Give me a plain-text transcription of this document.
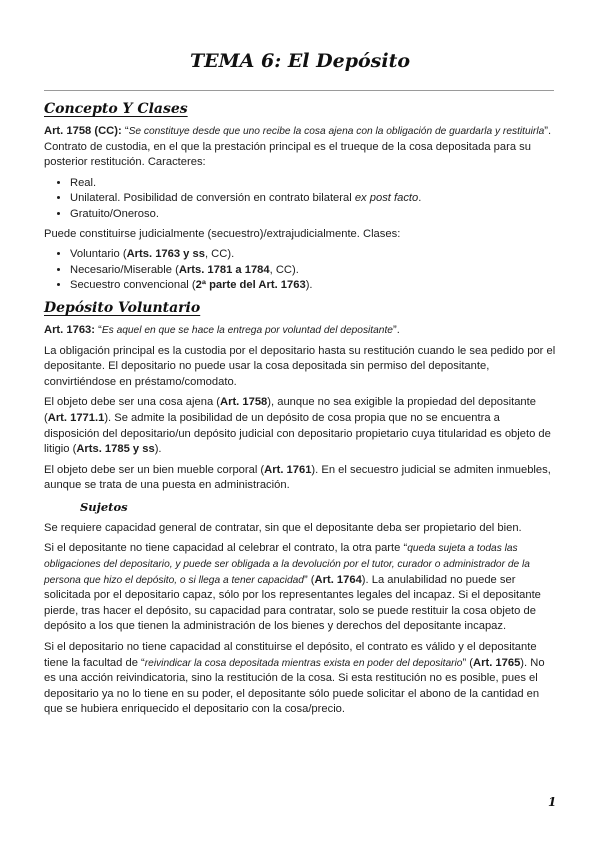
TEMA 6: El Depósito
Concepto Y Clases

Art. 1758 (CC): “Se constituye desde que uno recibe la cosa ajena con la obligación de guardarla y restituirla”. Contrato de custodia, en el que la prestación principal es el trueque de la cosa depositada para su posterior restitución. Caracteres:

• Real.
• Unilateral. Posibilidad de conversión en contrato bilateral ex post facto.
• Gratuito/Oneroso.

Puede constituirse judicialmente (secuestro)/extrajudicialmente. Clases:

• Voluntario (Arts. 1763 y ss, CC).
• Necesario/Miserable (Arts. 1781 a 1784, CC).
• Secuestro convencional (2ª parte del Art. 1763).
Depósito Voluntario

Art. 1763: “Es aquel en que se hace la entrega por voluntad del depositante”.

La obligación principal es la custodia por el depositario hasta su restitución cuando le sea pedido por el depositante. El depositario no puede usar la cosa depositada sin permiso del depositante, convirtiéndose en préstamo/comodato.

El objeto debe ser una cosa ajena (Art. 1758), aunque no sea exigible la propiedad del depositante (Art. 1771.1). Se admite la posibilidad de un depósito de cosa propia que no se encuentra a disposición del depositario/un depósito judicial con depositario propietario cuya titularidad es objeto de litigio (Arts. 1785 y ss).

El objeto debe ser un bien mueble corporal (Art. 1761). En el secuestro judicial se admiten inmuebles, aunque se trata de una puesta en administración.

Sujetos

Se requiere capacidad general de contratar, sin que el depositante deba ser propietario del bien.

Si el depositante no tiene capacidad al celebrar el contrato, la otra parte “queda sujeta a todas las obligaciones del depositario, y puede ser obligada a la devolución por el tutor, curador o administrador de la persona que hizo el depósito, o si llega a tener capacidad” (Art. 1764). La anulabilidad no puede ser solicitada por el depositario capaz, sólo por los representantes legales del incapaz. Si el depositante pierde, tras hacer el depósito, su capacidad para contratar, solo se puede restituir la cosa objeto de depósito a los que tienen la administración de los bienes y derechos del depositante incapaz.

Si el depositario no tiene capacidad al constituirse el depósito, el contrato es válido y el depositante tiene la facultad de “reivindicar la cosa depositada mientras exista en poder del depositario” (Art. 1765). No es una acción reivindicatoria, sino la restitución de la cosa. Si esta restitución no es posible, pues el depositario ya no lo tiene en su poder, el depositante sólo puede solicitar el abono de la cantidad en que se hubiera enriquecido el depositario con la cosa/precio.

1
